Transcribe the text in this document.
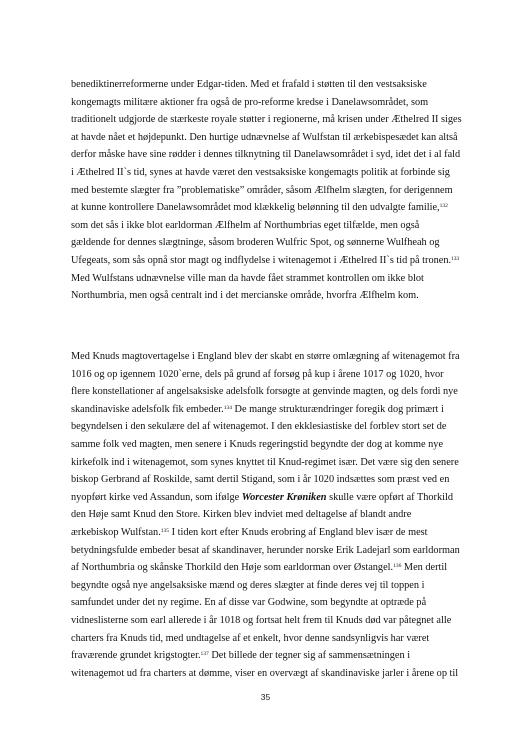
benediktinerreformerne under Edgar-tiden. Med et frafald i støtten til den vestsaksiske
kongemagts militære aktioner fra også de pro-reforme kredse i Danelawsområdet, som
traditionelt udgjorde de stærkeste royale støtter i regionerne, må krisen under Æthelred II siges
at havde nået et højdepunkt. Den hurtige udnævnelse af Wulfstan til ærkebispesædet kan altså
derfor måske have sine rødder i dennes tilknytning til Danelawsområdet i syd, idet det i al fald
i Æthelred II`s tid, synes at havde været den vestsaksiske kongemagts politik at forbinde sig
med bestemte slægter fra ”problematiske” områder, såsom Ælfhelm slægten, for derigennem
at kunne kontrollere Danelawsområdet mod klækkelig belønning til den udvalgte familie,$^{132}$
som det sås i ikke blot earldorman Ælfhelm af Northumbrias eget tilfælde, men også
gældende for dennes slægtninge, såsom broderen Wulfric Spot, og sønnerne Wulfheah og
Ufegeats, som sås opnå stor magt og indflydelse i witenagemot i Æthelred II`s tid på tronen.$^{133}$
Med Wulfstans udnævnelse ville man da havde fået strammet kontrollen om ikke blot
Northumbria, men også centralt ind i det mercianske område, hvorfra Ælfhelm kom.
Med Knuds magtovertagelse i England blev der skabt en større omlægning af witenagemot fra
1016 og op igennem 1020`erne, dels på grund af forsøg på kup i årene 1017 og 1020, hvor
flere konstellationer af angelsaksiske adelsfolk forsøgte at genvinde magten, og dels fordi nye
skandinaviske adelsfolk fik embeder.$^{134}$ De mange strukturændringer foregik dog primært i
begyndelsen i den sekulære del af witenagemot. I den ekklesiastiske del forblev stort set de
samme folk ved magten, men senere i Knuds regeringstid begyndte der dog at komme nye
kirkefolk ind i witenagemot, som synes knyttet til Knud-regimet især. Det være sig den senere
biskop Gerbrand af Roskilde, samt dertil Stigand, som i år 1020 indsættes som præst ved en
nyopført kirke ved Assandun, som ifølge Worcester Krøniken skulle være opført af Thorkild
den Høje samt Knud den Store. Kirken blev indviet med deltagelse af blandt andre
ærkebiskop Wulfstan.$^{135}$ I tiden kort efter Knuds erobring af England blev især de mest
betydningsfulde embeder besat af skandinaver, herunder norske Erik Ladejarl som earldorman
af Northumbria og skånske Thorkild den Høje som earldorman over Østangel.$^{136}$ Men dertil
begyndte også nye angelsaksiske mænd og deres slægter at finde deres vej til toppen i
samfundet under det ny regime. En af disse var Godwine, som begyndte at optræde på
vidneslisterne som earl allerede i år 1018 og fortsat helt frem til Knuds død var påtegnet alle
charters fra Knuds tid, med undtagelse af et enkelt, hvor denne sandsynligvis har været
fraværende grundet krigstogter.$^{137}$ Det billede der tegner sig af sammensætningen i
witenagemot ud fra charters at dømme, viser en overvægt af skandinaviske jarler i årene op til
35
